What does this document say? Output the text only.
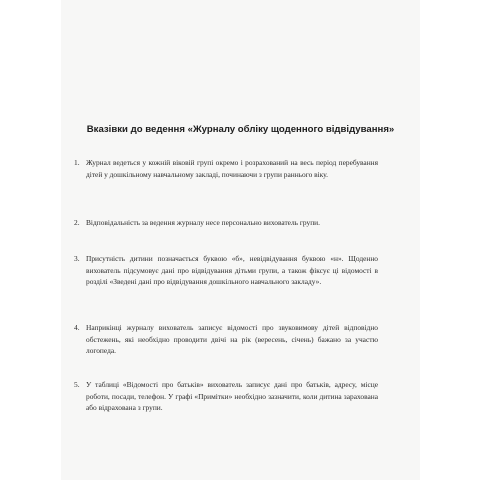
Вказівки до ведення «Журналу обліку щоденного відвідування»
1. Журнал ведеться у кожній віковій групі окремо і розрахований на весь період перебування дітей у дошкільному навчальному закладі, починаючи з групи раннього віку.
2. Відповідальність за ведення журналу несе персонально вихователь групи.
3. Присутність дитини позначається буквою «б», невідвідування буквою «н». Щоденно вихователь підсумовує дані про відвідування дітьми групи, а також фіксує ці відомості в розділі «Зведені дані про відвідування дошкільного навчального закладу».
4. Наприкінці журналу вихователь записує відомості про звуковимову дітей відповідно обстежень, які необхідно проводити двічі на рік (вересень, січень) бажано за участю логопеда.
5. У таблиці «Відомості про батьків» вихователь записує дані про батьків, адресу, місце роботи, посади, телефон. У графі «Примітки» необхідно зазначити, коли дитина зарахована або відрахована з групи.
